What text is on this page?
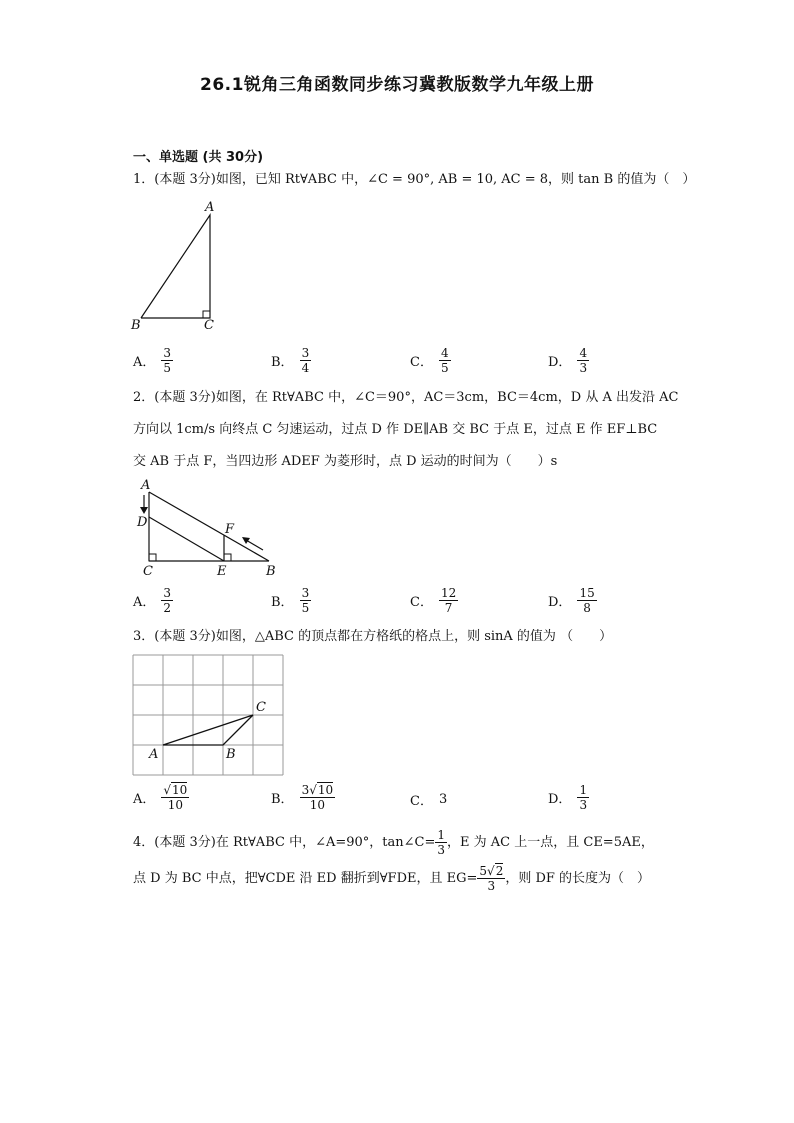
26.1锐角三角函数同步练习冀教版数学九年级上册
一、单选题 (共 30分)
1．(本题 3分)如图，已知 Rt∀ABC 中，∠C = 90°, AB = 10, AC = 8，则 tan B 的值为（　）
A
B	C
A． $\frac{3}{5}$	B． $\frac{3}{4}$	C． $\frac{4}{5}$	D． $\frac{4}{3}$
2．(本题 3分)如图，在 Rt∀ABC 中，∠C＝90°，AC＝3cm，BC＝4cm，D 从 A 出发沿 AC
方向以 1cm/s 向终点 C 匀速运动，过点 D 作 DE∥AB 交 BC 于点 E，过点 E 作 EF⊥BC
交 AB 于点 F，当四边形 ADEF 为菱形时，点 D 运动的时间为（　　）s
A
D	F
C	E	B
A． $\frac{3}{2}$	B． $\frac{3}{5}$	C． $\frac{12}{7}$	D． $\frac{15}{8}$
3．(本题 3分)如图，△ABC 的顶点都在方格纸的格点上，则 sinA 的值为 （　　）
A	B
C
A． $\frac{√10}{10}$	B． $\frac{3√10}{10}$	C． 3	D． $\frac{1}{3}$
4．(本题 3分)在 Rt∀ABC 中，∠A=90°，tan∠C= $\frac{1}{3}$ ，E 为 AC 上一点，且 CE=5AE，
点 D 为 BC 中点，把∀CDE 沿 ED 翻折到∀FDE，且 $EG= \frac{5√2}{3}$ ，则 DF 的长度为（　）
